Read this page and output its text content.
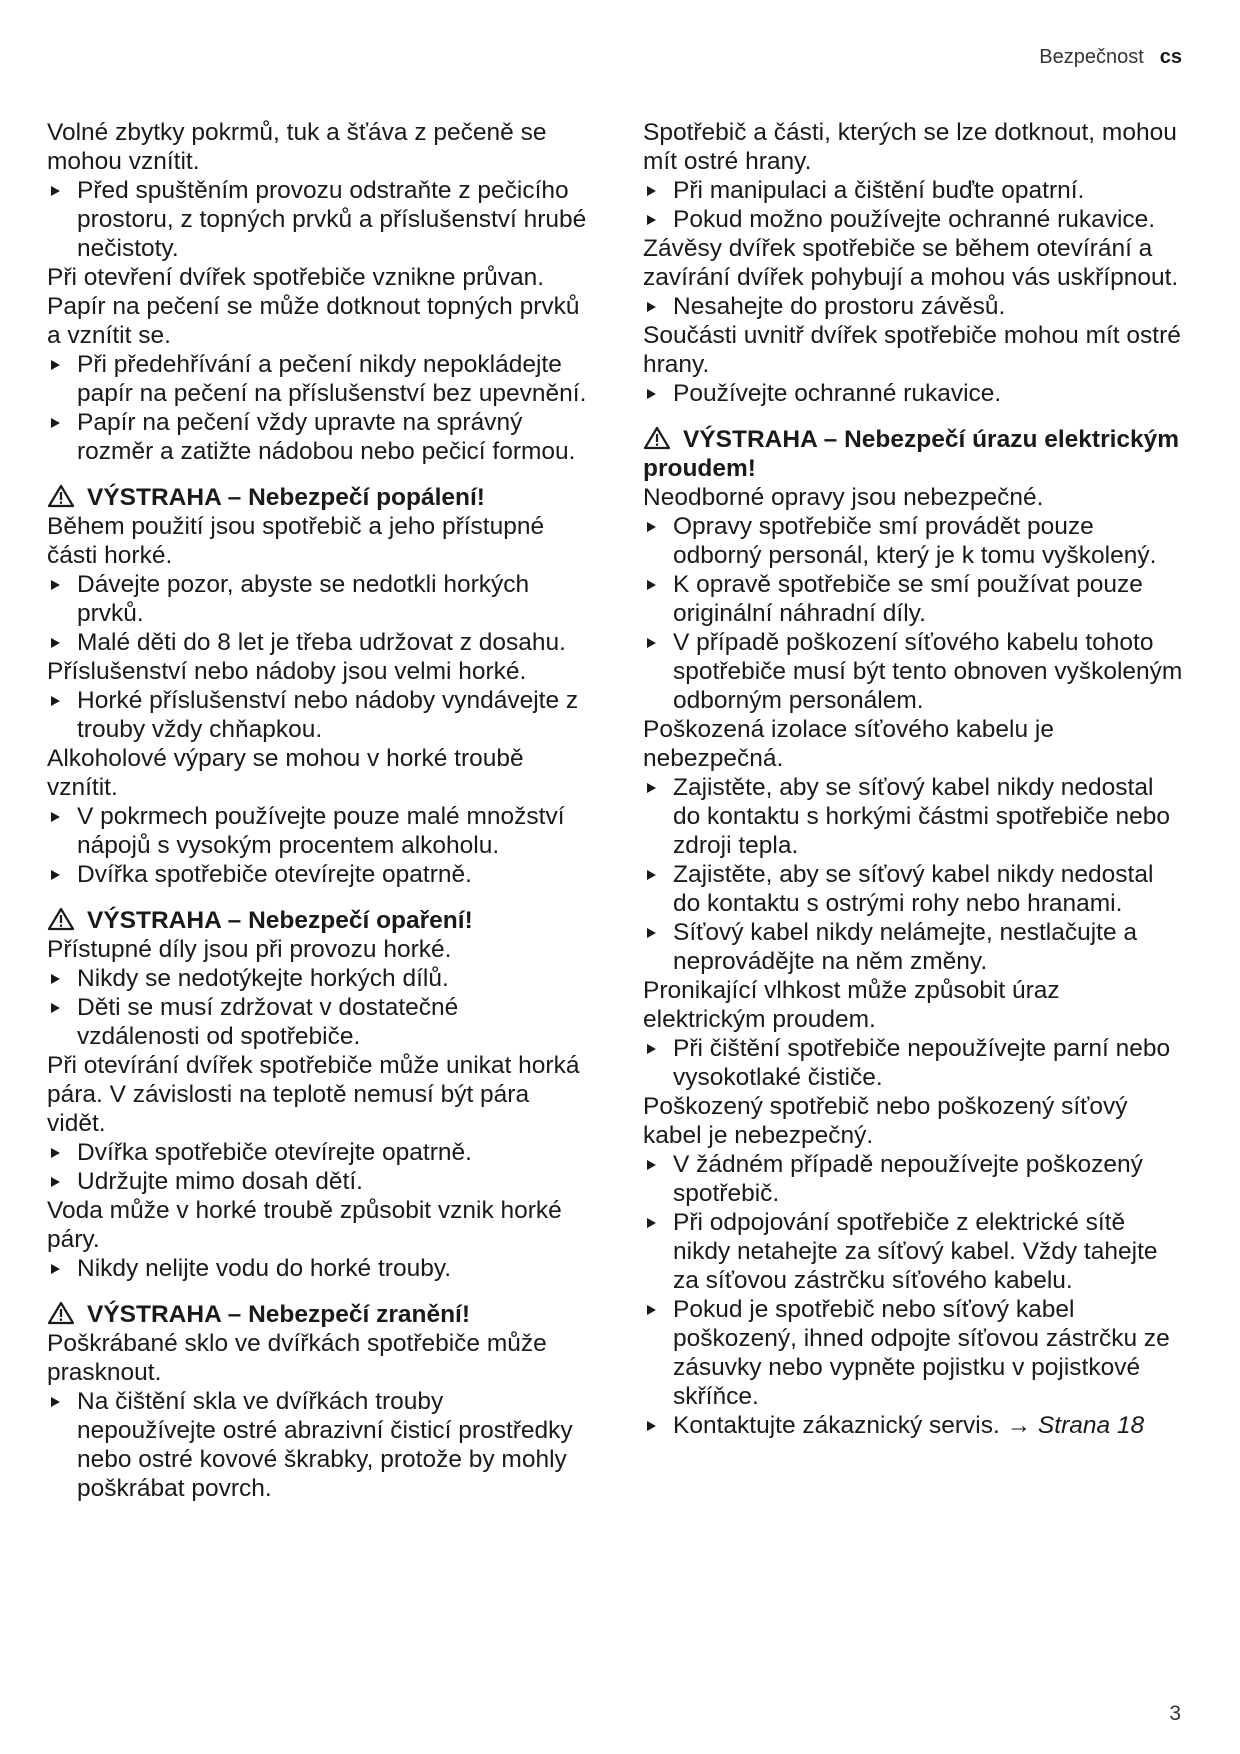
Bezpečnost cs

Volné zbytky pokrmů, tuk a šťáva z pečeně se mohou vznítit.

Před spuštěním provozu odstraňte z pečicího prostoru, z topných prvků a příslušenství hrubé nečistoty.

Při otevření dvířek spotřebiče vznikne průvan. Papír na pečení se může dotknout topných prvků a vznítit se.

Při předehřívání a pečení nikdy nepokládejte papír na pečení na příslušenství bez upevnění.
Papír na pečení vždy upravte na správný rozměr a zatižte nádobou nebo pečicí formou.
VÝSTRAHA – Nebezpečí popálení!

Během použití jsou spotřebič a jeho přístupné části horké.

Dávejte pozor, abyste se nedotkli horkých prvků.
Malé děti do 8 let je třeba udržovat z dosahu.

Příslušenství nebo nádoby jsou velmi horké.

Horké příslušenství nebo nádoby vyndávejte z trouby vždy chňapkou.

Alkoholové výpary se mohou v horké troubě vznítit.

V pokrmech používejte pouze malé množství nápojů s vysokým procentem alkoholu.
Dvířka spotřebiče otevírejte opatrně.
VÝSTRAHA – Nebezpečí opaření!

Přístupné díly jsou při provozu horké.

Nikdy se nedotýkejte horkých dílů.
Děti se musí zdržovat v dostatečné vzdálenosti od spotřebiče.

Při otevírání dvířek spotřebiče může unikat horká pára. V závislosti na teplotě nemusí být pára vidět.

Dvířka spotřebiče otevírejte opatrně.
Udržujte mimo dosah dětí.

Voda může v horké troubě způsobit vznik horké páry.

Nikdy nelijte vodu do horké trouby.
VÝSTRAHA – Nebezpečí zranění!

Poškrábané sklo ve dvířkách spotřebiče může prasknout.

Na čištění skla ve dvířkách trouby nepoužívejte ostré abrazivní čisticí prostředky nebo ostré kovové škrabky, protože by mohly poškrábat povrch.

Spotřebič a části, kterých se lze dotknout, mohou mít ostré hrany.

Při manipulaci a čištění buďte opatrní.
Pokud možno používejte ochranné rukavice.

Závěsy dvířek spotřebiče se během otevírání a zavírání dvířek pohybují a mohou vás uskřípnout.

Nesahejte do prostoru závěsů.

Součásti uvnitř dvířek spotřebiče mohou mít ostré hrany.

Používejte ochranné rukavice.
VÝSTRAHA – Nebezpečí úrazu elektrickým proudem!

Neodborné opravy jsou nebezpečné.

Opravy spotřebiče smí provádět pouze odborný personál, který je k tomu vyškolený.
K opravě spotřebiče se smí používat pouze originální náhradní díly.
V případě poškození síťového kabelu tohoto spotřebiče musí být tento obnoven vyškoleným odborným personálem.

Poškozená izolace síťového kabelu je nebezpečná.

Zajistěte, aby se síťový kabel nikdy nedostal do kontaktu s horkými částmi spotřebiče nebo zdroji tepla.
Zajistěte, aby se síťový kabel nikdy nedostal do kontaktu s ostrými rohy nebo hranami.
Síťový kabel nikdy nelámejte, nestlačujte a neprovádějte na něm změny.

Pronikající vlhkost může způsobit úraz elektrickým proudem.

Při čištění spotřebiče nepoužívejte parní nebo vysokotlaké čističe.

Poškozený spotřebič nebo poškozený síťový kabel je nebezpečný.

V žádném případě nepoužívejte poškozený spotřebič.
Při odpojování spotřebiče z elektrické sítě nikdy netahejte za síťový kabel. Vždy tahejte za síťovou zástrčku síťového kabelu.
Pokud je spotřebič nebo síťový kabel poškozený, ihned odpojte síťovou zástrčku ze zásuvky nebo vypněte pojistku v pojistkové skříňce.
Kontaktujte zákaznický servis. → Strana 18
3
